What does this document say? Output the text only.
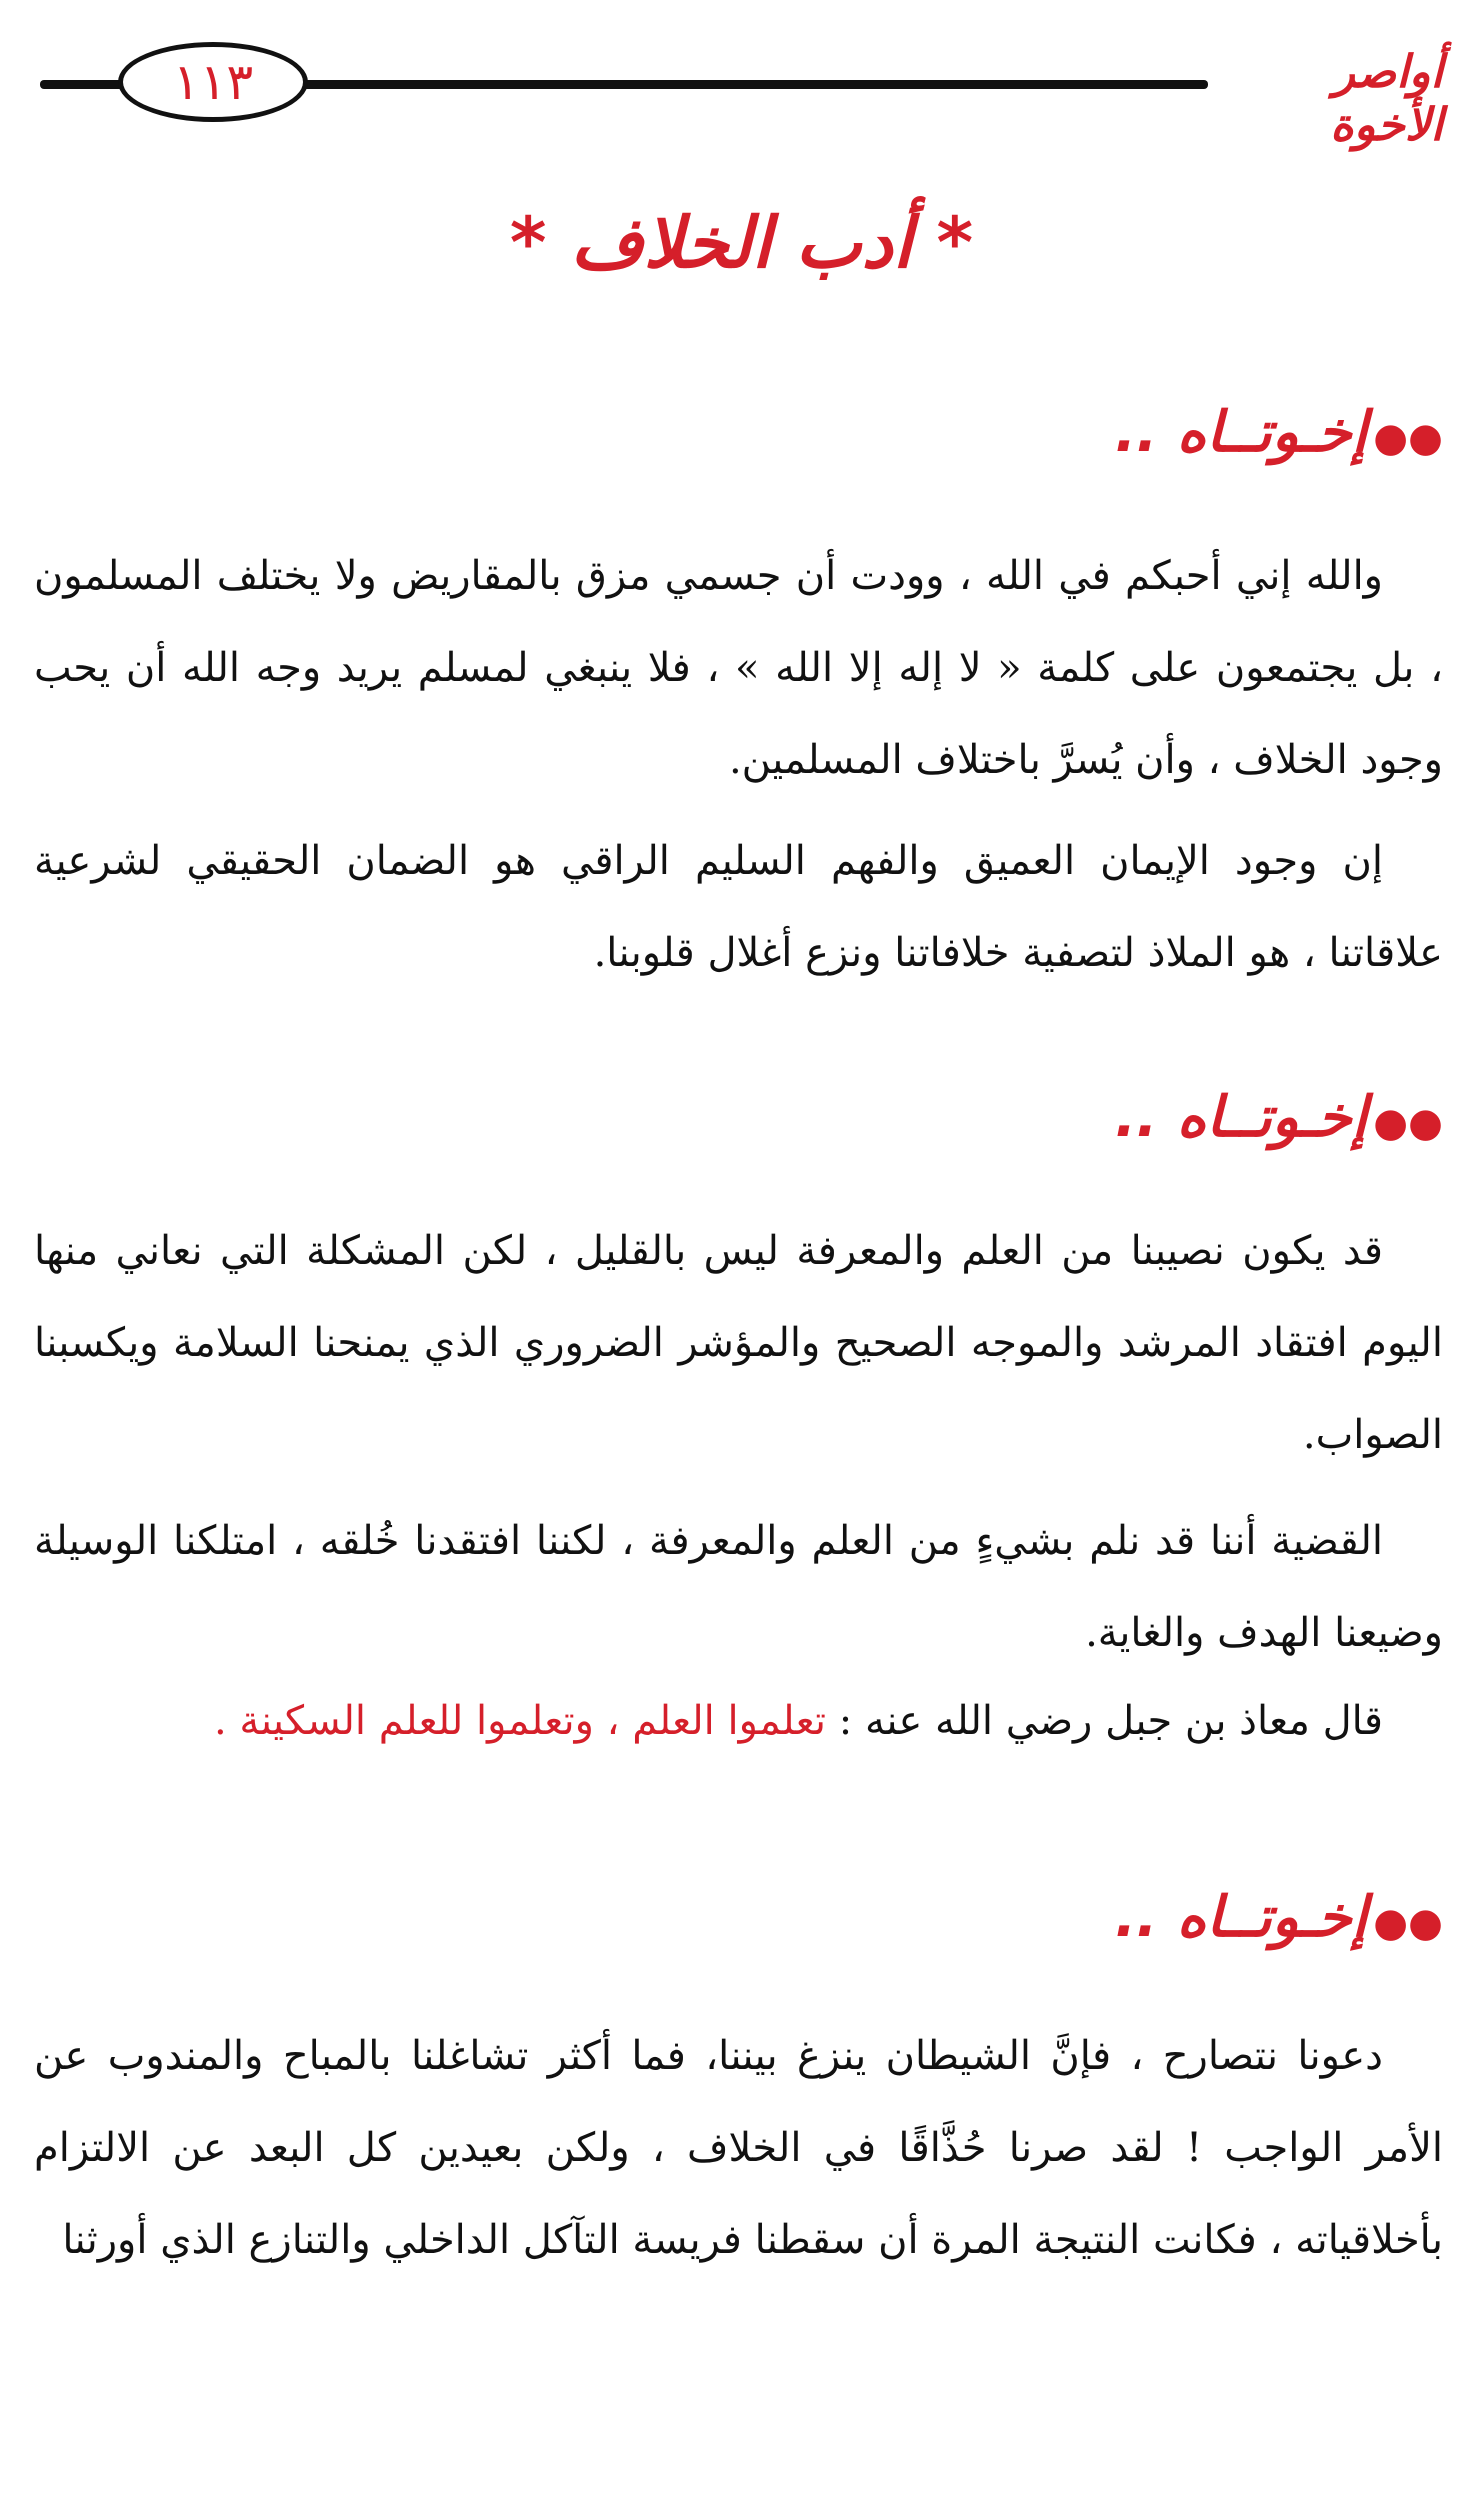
١١٣	أواصر الأخوة
* أدب الخلاف *
●●إخـوتــاه ..

والله إني أحبكم في الله ، وودت أن جسمي مزق بالمقاريض ولا يختلف المسلمون ، بل يجتمعون على كلمة « لا إله إلا الله » ، فلا ينبغي لمسلم يريد وجه الله أن يحب وجود الخلاف ، وأن يُسرَّ باختلاف المسلمين.

إن وجود الإيمان العميق والفهم السليم الراقي هو الضمان الحقيقي لشرعية علاقاتنا ، هو الملاذ لتصفية خلافاتنا ونزع أغلال قلوبنا.

●●إخـوتــاه ..

قد يكون نصيبنا من العلم والمعرفة ليس بالقليل ، لكن المشكلة التي نعاني منها اليوم افتقاد المرشد والموجه الصحيح والمؤشر الضروري الذي يمنحنا السلامة ويكسبنا الصواب.

القضية أننا قد نلم بشيءٍ من العلم والمعرفة ، لكننا افتقدنا خُلقه ، امتلكنا الوسيلة وضيعنا الهدف والغاية.

قال معاذ بن جبل رضي الله عنه : تعلموا العلم ، وتعلموا للعلم السكينة .

●●إخـوتــاه ..

دعونا نتصارح ، فإنَّ الشيطان ينزغ بيننا، فما أكثر تشاغلنا بالمباح والمندوب عن الأمر الواجب ! لقد صرنا حُذَّاقًا في الخلاف ، ولكن بعيدين كل البعد عن الالتزام بأخلاقياته ، فكانت النتيجة المرة أن سقطنا فريسة التآكل الداخلي والتنازع الذي أورثنا
